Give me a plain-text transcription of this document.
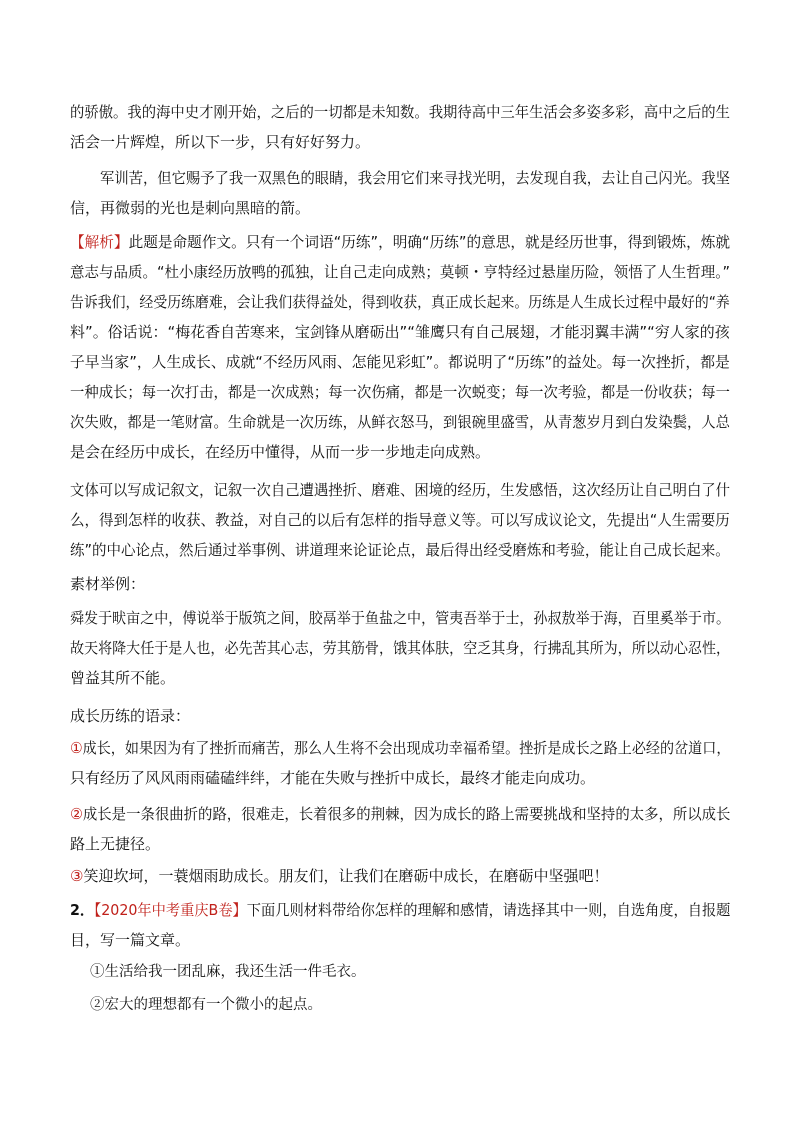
的骄傲。我的海中史才刚开始，之后的一切都是未知数。我期待高中三年生活会多姿多彩，高中之后的生
活会一片辉煌，所以下一步，只有好好努力。
军训苦，但它赐予了我一双黑色的眼睛，我会用它们来寻找光明，去发现自我，去让自己闪光。我坚
信，再微弱的光也是刺向黑暗的箭。
【解析】此题是命题作文。只有一个词语“历练”，明确“历练”的意思，就是经历世事，得到锻炼，炼就
意志与品质。“杜小康经历放鸭的孤独，让自己走向成熟；莫顿・亨特经过悬崖历险，领悟了人生哲理。”
告诉我们，经受历练磨难，会让我们获得益处，得到收获，真正成长起来。历练是人生成长过程中最好的“养
料”。俗话说：“梅花香自苦寒来，宝剑锋从磨砺出”“雏鹰只有自己展翅，才能羽翼丰满”“穷人家的孩
子早当家”，人生成长、成就“不经历风雨、怎能见彩虹”。都说明了“历练”的益处。每一次挫折，都是
一种成长；每一次打击，都是一次成熟；每一次伤痛，都是一次蜕变；每一次考验，都是一份收获；每一
次失败，都是一笔财富。生命就是一次历练，从鲜衣怒马，到银碗里盛雪，从青葱岁月到白发染鬓，人总
是会在经历中成长，在经历中懂得，从而一步一步地走向成熟。
文体可以写成记叙文，记叙一次自己遭遇挫折、磨难、困境的经历，生发感悟，这次经历让自己明白了什
么，得到怎样的收获、教益，对自己的以后有怎样的指导意义等。可以写成议论文，先提出“人生需要历
练”的中心论点，然后通过举事例、讲道理来论证论点，最后得出经受磨炼和考验，能让自己成长起来。
素材举例：
舜发于畎亩之中，傅说举于版筑之间，胶鬲举于鱼盐之中，管夷吾举于士，孙叔敖举于海，百里奚举于市。
故天将降大任于是人也，必先苦其心志，劳其筋骨，饿其体肤，空乏其身，行拂乱其所为，所以动心忍性，
曾益其所不能。
成长历练的语录：
①成长，如果因为有了挫折而痛苦，那么人生将不会出现成功幸福希望。挫折是成长之路上必经的岔道口，
只有经历了风风雨雨磕磕绊绊，才能在失败与挫折中成长，最终才能走向成功。
②成长是一条很曲折的路，很难走，长着很多的荆棘，因为成长的路上需要挑战和坚持的太多，所以成长
路上无捷径。
③笑迎坎坷，一蓑烟雨助成长。朋友们，让我们在磨砺中成长，在磨砺中坚强吧！
2．【2020年中考重庆B卷】下面几则材料带给你怎样的理解和感情，请选择其中一则，自选角度，自报题
目，写一篇文章。
①生活给我一团乱麻，我还生活一件毛衣。
②宏大的理想都有一个微小的起点。
